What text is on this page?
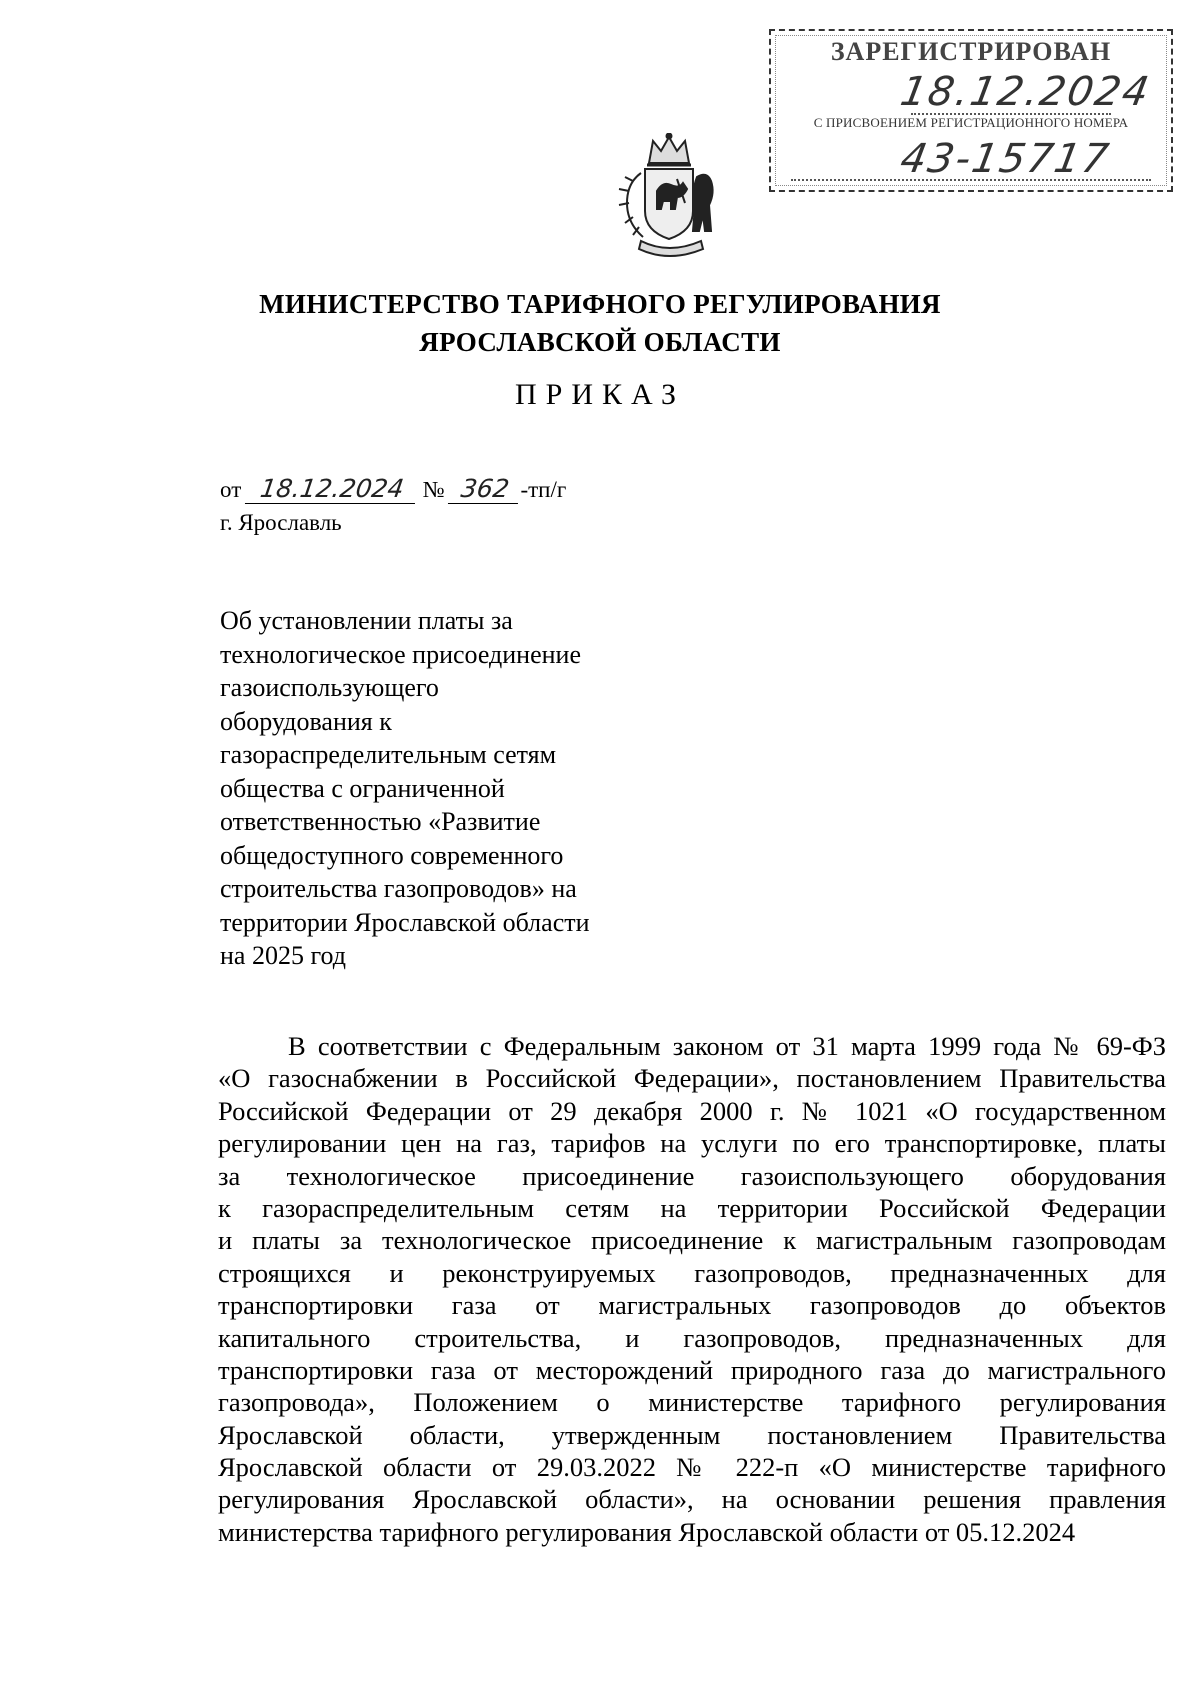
ЗАРЕГИСТРИРОВАН
18.12.2024
С ПРИСВОЕНИЕМ РЕГИСТРАЦИОННОГО НОМЕРА
43-15717
МИНИСТЕРСТВО ТАРИФНОГО РЕГУЛИРОВАНИЯ
ЯРОСЛАВСКОЙ ОБЛАСТИ
ПРИКАЗ
от 18.12.2024 № 362 -тп/г
г. Ярославль
Об установлении платы за
технологическое присоединение
газоиспользующего
оборудования к
газораспределительным сетям
общества с ограниченной
ответственностью «Развитие
общедоступного современного
строительства газопроводов» на
территории Ярославской области
на 2025 год
В соответствии с Федеральным законом от 31 марта 1999 года № 69-ФЗ
«О газоснабжении в Российской Федерации», постановлением Правительства
Российской Федерации от 29 декабря 2000 г. № 1021 «О государственном
регулировании цен на газ, тарифов на услуги по его транспортировке, платы
за технологическое присоединение газоиспользующего оборудования
к газораспределительным сетям на территории Российской Федерации
и платы за технологическое присоединение к магистральным газопроводам
строящихся и реконструируемых газопроводов, предназначенных для
транспортировки газа от магистральных газопроводов до объектов
капитального строительства, и газопроводов, предназначенных для
транспортировки газа от месторождений природного газа до магистрального
газопровода», Положением о министерстве тарифного регулирования
Ярославской области, утвержденным постановлением Правительства
Ярославской области от 29.03.2022 № 222-п «О министерстве тарифного
регулирования Ярославской области», на основании решения правления
министерства тарифного регулирования Ярославской области от 05.12.2024
